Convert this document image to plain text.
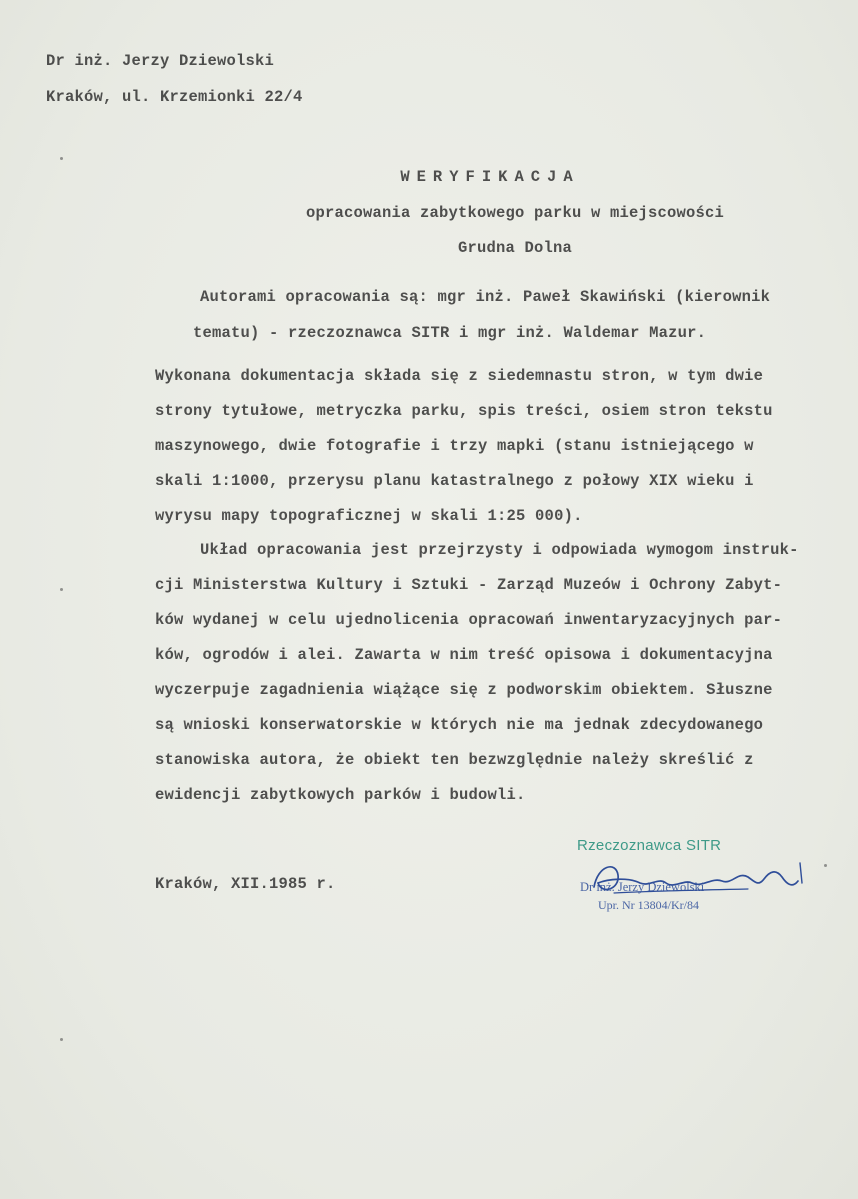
Dr inż. Jerzy Dziewolski
Kraków, ul. Krzemionki 22/4
WERYFIKACJA
opracowania zabytkowego parku w miejscowości
Grudna Dolna
Autorami opracowania są: mgr inż. Paweł Skawiński (kierownik
tematu) - rzeczoznawca SITR i mgr inż. Waldemar Mazur.
Wykonana dokumentacja składa się z siedemnastu stron, w tym dwie
strony tytułowe, metryczka parku, spis treści, osiem stron tekstu
maszynowego, dwie fotografie i trzy mapki (stanu istniejącego w
skali 1:1000, przerysu planu katastralnego z połowy XIX wieku i
wyrysu mapy topograficznej w skali 1:25 000).
Układ opracowania jest przejrzysty i odpowiada wymogom instruk-
cji Ministerstwa Kultury i Sztuki - Zarząd Muzeów i Ochrony Zabyt-
ków wydanej w celu ujednolicenia opracowań inwentaryzacyjnych par-
ków, ogrodów i alei. Zawarta w nim treść opisowa i dokumentacyjna
wyczerpuje zagadnienia wiążące się z podworskim obiektem. Słuszne
są wnioski konserwatorskie w których nie ma jednak zdecydowanego
stanowiska autora, że obiekt ten bezwzględnie należy skreślić z
ewidencji zabytkowych parków i budowli.
Kraków, XII.1985 r.
Rzeczoznawca SITR
Dr inż. Jerzy Dziewolski
Upr. Nr 13804/Kr/84
